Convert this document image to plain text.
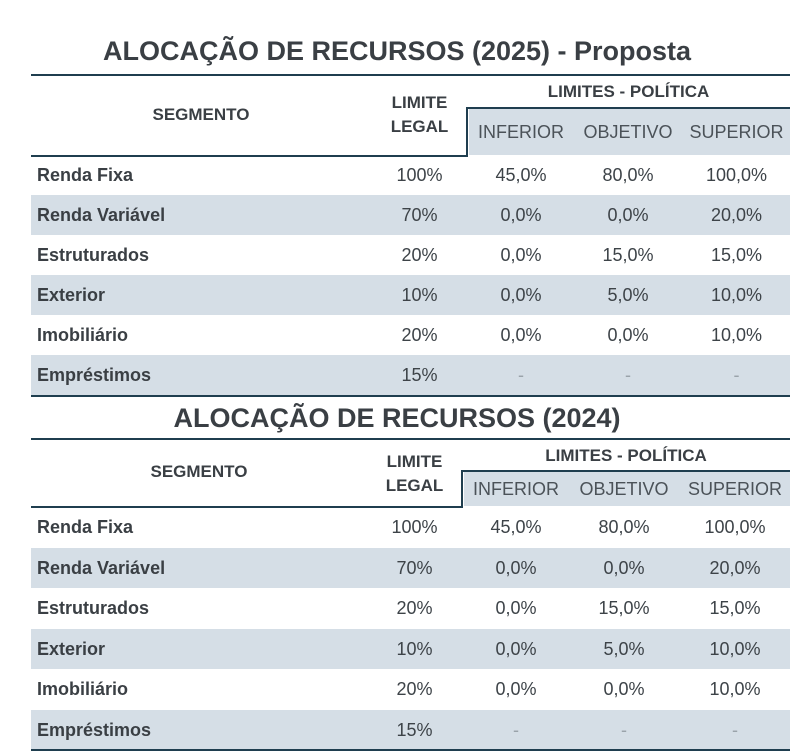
ALOCAÇÃO DE RECURSOS (2025) - Proposta
SEGMENTO
LIMITE
LEGAL
LIMITES - POLÍTICA
INFERIOR	OBJETIVO SUPERIOR
Renda Fixa	100%	45,0%	80,0%	100,0%
Renda Variável	70%	0,0%	0,0%	20,0%
Estruturados	20%	0,0%	15,0%	15,0%
Exterior	10%	0,0%	5,0%	10,0%
Imobiliário	20%	0,0%	0,0%	10,0%
Empréstimos	15%	-	-	-
ALOCAÇÃO DE RECURSOS (2024)
SEGMENTO
LIMITE
LEGAL
LIMITES - POLÍTICA
INFERIOR	OBJETIVO	SUPERIOR
Renda Fixa	100%	45,0%	80,0%	100,0%
Renda Variável	70%	0,0%	0,0%	20,0%
Estruturados	20%	0,0%	15,0%	15,0%
Exterior	10%	0,0%	5,0%	10,0%
Imobiliário	20%	0,0%	0,0%	10,0%
Empréstimos	15%	-	-	-
